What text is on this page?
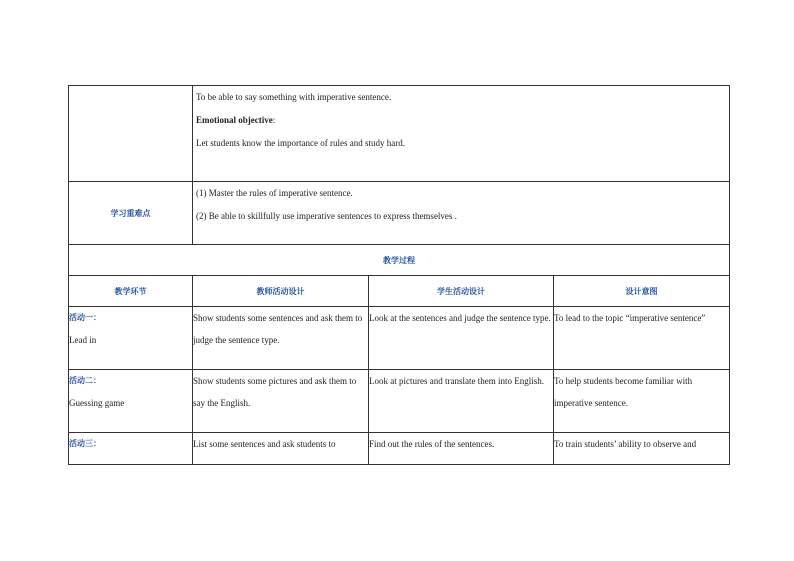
	To be able to say something with imperative sentence.

Emotional objective:

Let students know the importance of rules and study hard.		

学习重难点	(1) Master the rules of imperative sentence.

(2) Be able to skillfully use imperative sentences to express themselves .		

教学过程			
教学环节	教师活动设计	学生活动设计	设计意图

活动一：
Lead in	Show students some sentences and ask them to judge the sentence type.	Look at the sentences and judge the sentence type.	To lead to the topic “imperative sentence”

活动二：
Guessing game	Show students some pictures and ask them to say the English.	Look at pictures and translate them into English.	To help students become familiar with imperative sentence.

活动三：	List some sentences and ask students to	Find out the rules of the sentences.	To train students’ ability to observe and
